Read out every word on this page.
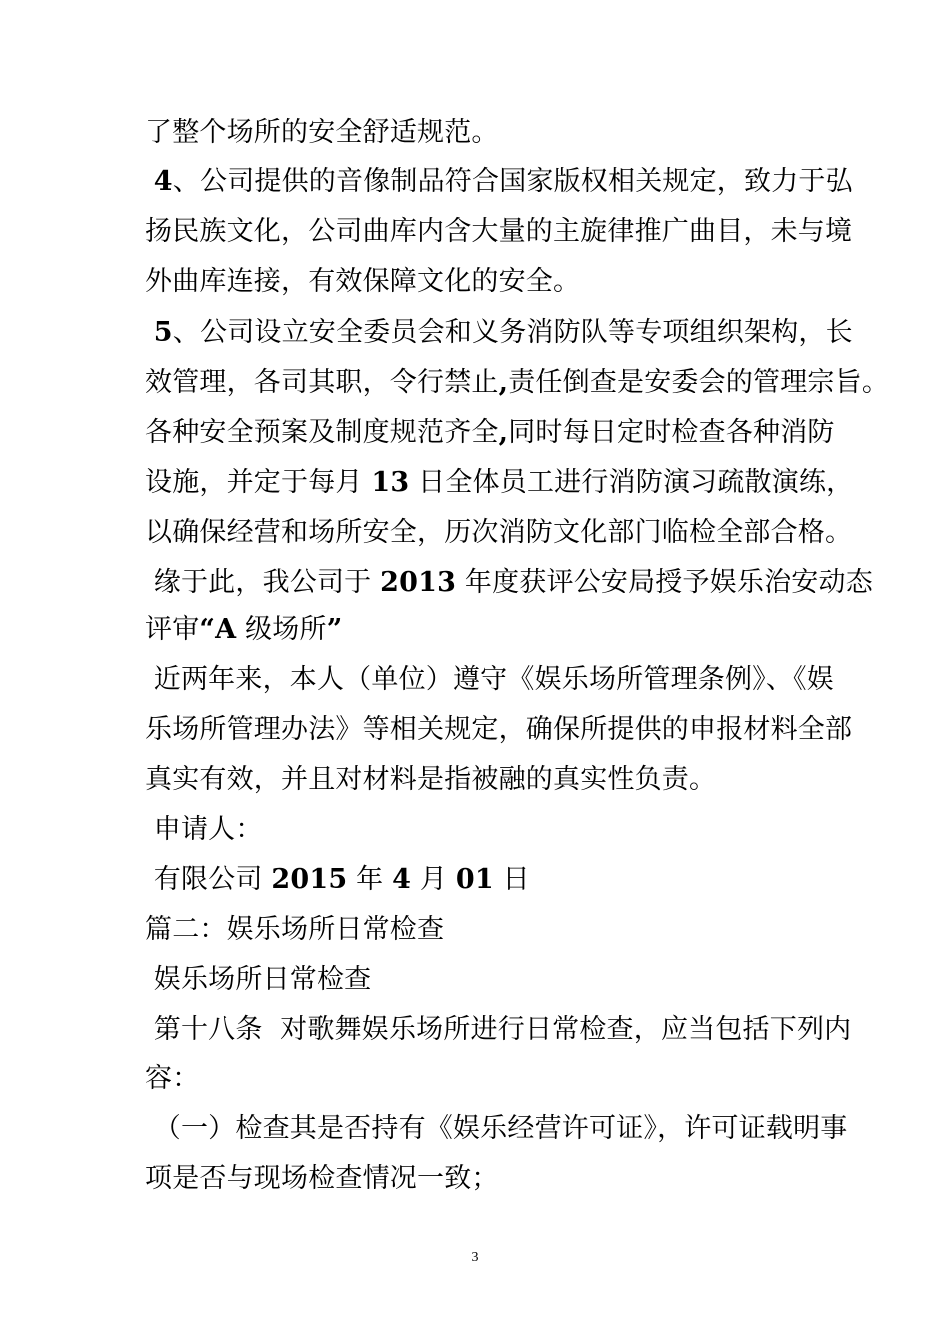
了整个场所的安全舒适规范。
4、公司提供的音像制品符合国家版权相关规定，致力于弘
扬民族文化，公司曲库内含大量的主旋律推广曲目，未与境
外曲库连接，有效保障文化的安全。
5、公司设立安全委员会和义务消防队等专项组织架构，长
效管理，各司其职，令行禁止,责任倒查是安委会的管理宗旨。
各种安全预案及制度规范齐全,同时每日定时检查各种消防
设施，并定于每月 13 日全体员工进行消防演习疏散演练，
以确保经营和场所安全，历次消防文化部门临检全部合格。
缘于此，我公司于 2013 年度获评公安局授予娱乐治安动态
评审“A 级场所”
近两年来，本人（单位）遵守《娱乐场所管理条例》、《娱
乐场所管理办法》等相关规定，确保所提供的申报材料全部
真实有效，并且对材料是指被融的真实性负责。
申请人：
有限公司 2015 年 4 月 01 日
篇二：娱乐场所日常检查
娱乐场所日常检查
第十八条  对歌舞娱乐场所进行日常检查，应当包括下列内
容：
（一）检查其是否持有《娱乐经营许可证》，许可证载明事
项是否与现场检查情况一致；
3
